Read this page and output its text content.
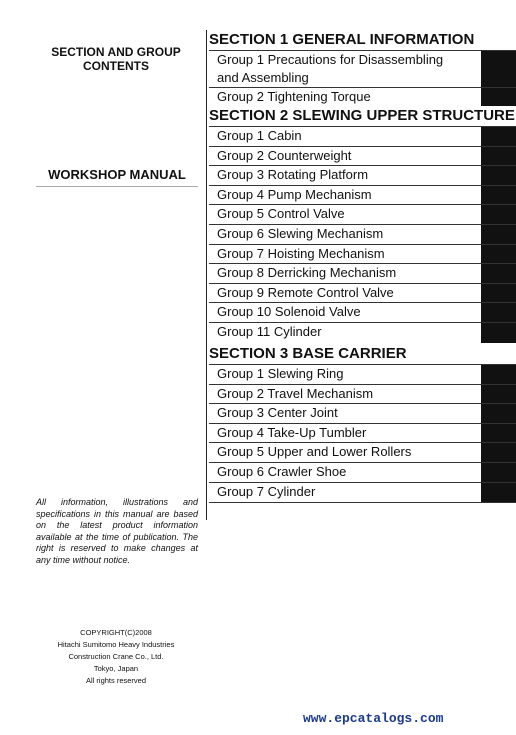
SECTION AND GROUP
CONTENTS
WORKSHOP MANUAL
All information, illustrations and specifications in this manual are based on the latest product information available at the time of publication. The right is reserved to make changes at any time without notice.
COPYRIGHT(C)2008
Hitachi Sumitomo Heavy Industries
Construction Crane Co., Ltd.
Tokyo, Japan
All rights reserved
SECTION 1 GENERAL INFORMATION
Group 1 Precautions for Disassembling
and Assembling
Group 2 Tightening Torque
SECTION 2 SLEWING UPPER STRUCTURE
Group 1 Cabin
Group 2 Counterweight
Group 3 Rotating Platform
Group 4 Pump Mechanism
Group 5 Control Valve
Group 6 Slewing Mechanism
Group 7 Hoisting Mechanism
Group 8 Derricking Mechanism
Group 9 Remote Control Valve
Group 10 Solenoid Valve
Group 11 Cylinder
SECTION 3 BASE CARRIER
Group 1 Slewing Ring
Group 2 Travel Mechanism
Group 3 Center Joint
Group 4 Take-Up Tumbler
Group 5 Upper and Lower Rollers
Group 6 Crawler Shoe
Group 7 Cylinder
www.epcatalogs.com
